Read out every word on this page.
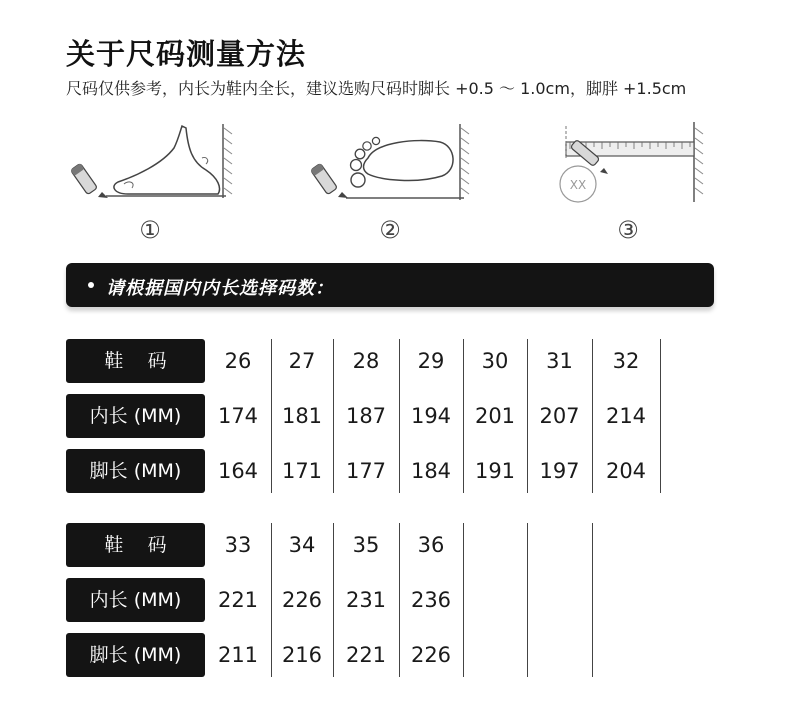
关于尺码测量方法
尺码仅供参考，内长为鞋内全长，建议选购尺码时脚长 +0.5 ～ 1.0cm，脚胖 +1.5cm
XX
①	②	③
请根据国内内长选择码数：
鞋    码	26	27	28	29	30	31	32
内长 (MM)	174	181	187	194	201	207	214
脚长 (MM)	164	171	177	184	191	197	204
鞋    码	33	34	35	36
内长 (MM)	221	226	231	236
脚长 (MM)	211	216	221	226
